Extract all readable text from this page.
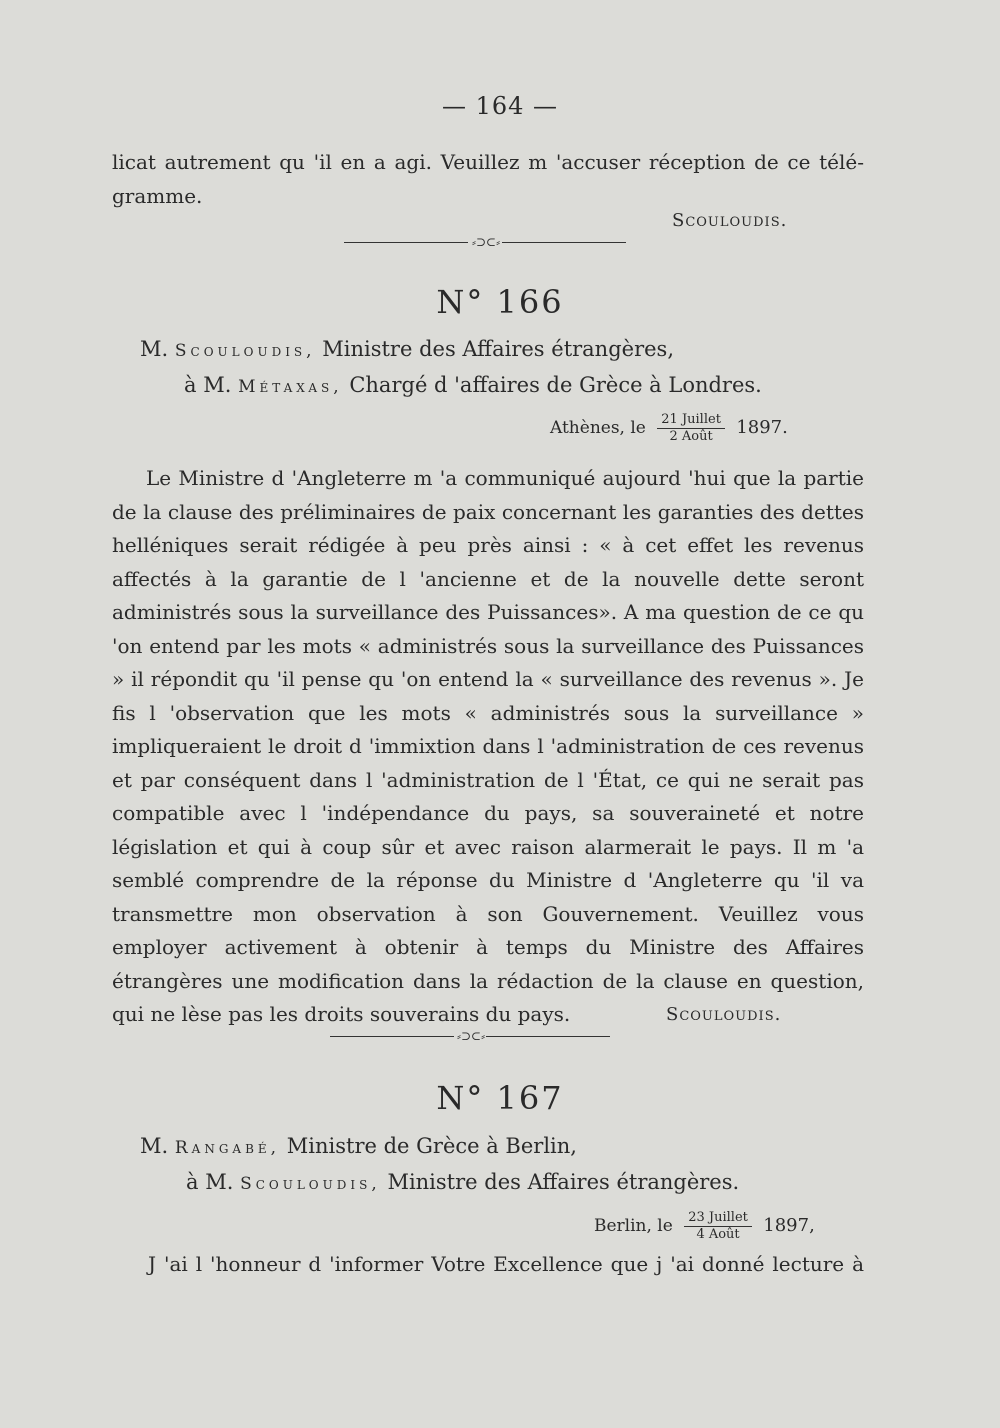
— 164 —
licat autrement qu 'il en a agi. Veuillez m 'accuser réception de ce télé-
gramme.
Scouloudis.
⸗⊃⊂⸗
N° 166
M. Scouloudis, Ministre des Affaires étrangères,
à M. Métaxas, Chargé d 'affaires de Grèce à Londres.
Athènes, le $\frac{\text{21 Juillet}}{\text{2 Août}} 1897$.
Le Ministre d 'Angleterre m 'a communiqué aujourd 'hui que la partie de la clause des préliminaires de paix concernant les garanties des dettes helléniques serait rédigée à peu près ainsi : « à cet effet les revenus affectés à la garantie de l 'ancienne et de la nouvelle dette seront administrés sous la surveillance des Puissances». A ma question de ce qu 'on entend par les mots « administrés sous la surveillance des Puissances » il répondit qu 'il pense qu 'on entend la « surveillance des revenus ». Je fis l 'observation que les mots « administrés sous la surveillance » impliqueraient le droit d 'immixtion dans l 'administration de ces revenus et par conséquent dans l 'administration de l 'État, ce qui ne serait pas compatible avec l 'indépendance du pays, sa souveraineté et notre législation et qui à coup sûr et avec raison alarmerait le pays. Il m 'a semblé comprendre de la réponse du Ministre d 'Angleterre qu 'il va transmettre mon observation à son Gouvernement. Veuillez vous employer activement à obtenir à temps du Ministre des Affaires étrangères une modification dans la rédaction de la clause en question, qui ne lèse pas les droits souverains du pays.	Scouloudis.
⸗⊃⊂⸗
N° 167
M. Rangabé, Ministre de Grèce à Berlin,
à M. Scouloudis, Ministre des Affaires étrangères.
Berlin, le $\frac{\text{23 Juillet}}{\text{4 Août}} 1897$,
J 'ai l 'honneur d 'informer Votre Excellence que j 'ai donné lecture à
